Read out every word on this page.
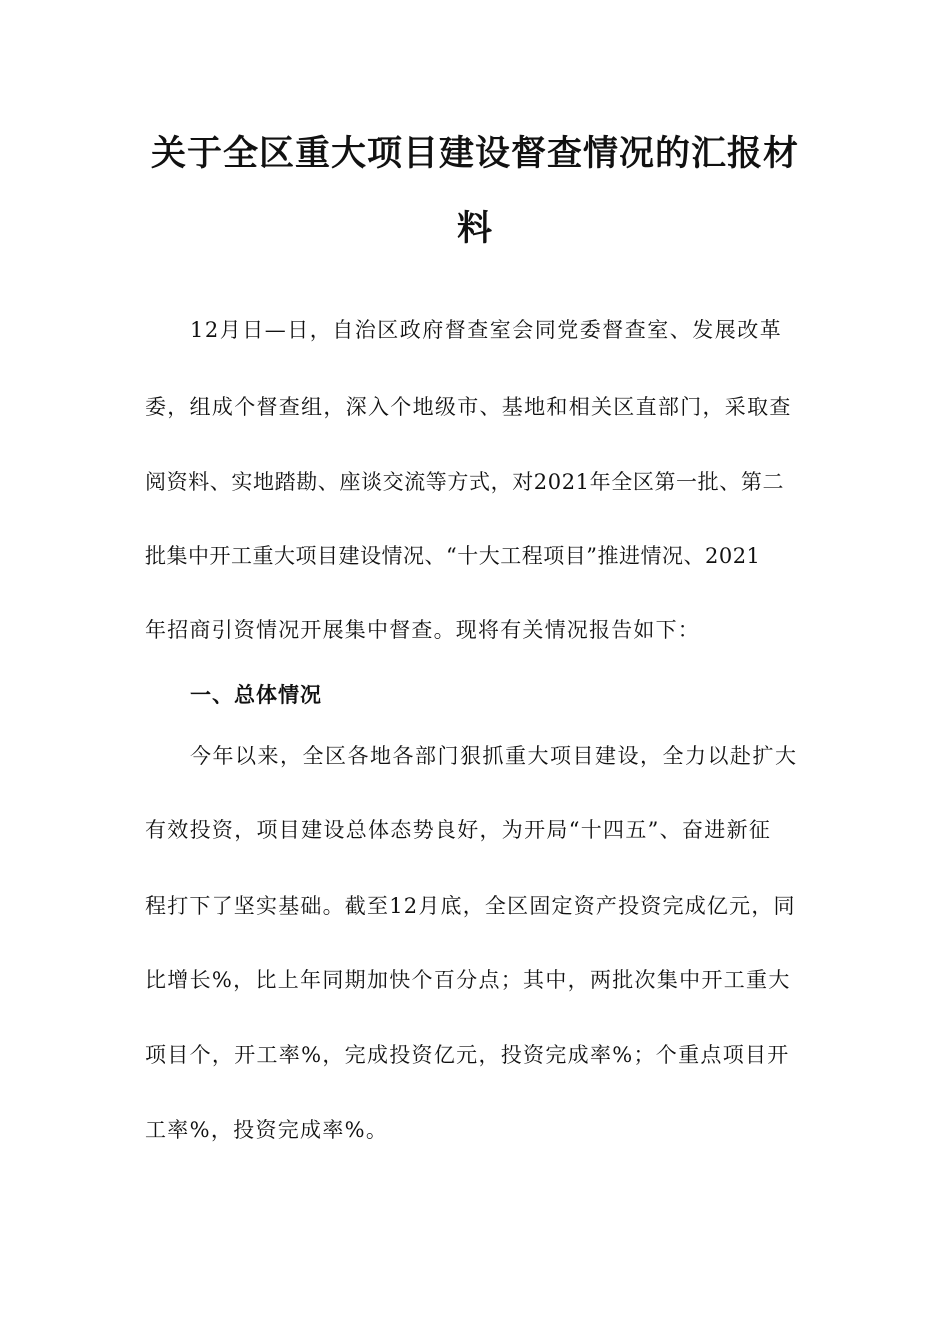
关于全区重大项目建设督查情况的汇报材
料
12月日—日，自治区政府督查室会同党委督查室、发展改革
委，组成个督查组，深入个地级市、基地和相关区直部门，采取查
阅资料、实地踏勘、座谈交流等方式，对2021年全区第一批、第二
批集中开工重大项目建设情况、“十大工程项目”推进情况、2021
年招商引资情况开展集中督查。现将有关情况报告如下：
一、总体情况
今年以来，全区各地各部门狠抓重大项目建设，全力以赴扩大
有效投资，项目建设总体态势良好，为开局“十四五”、奋进新征
程打下了坚实基础。截至12月底，全区固定资产投资完成亿元，同
比增长%，比上年同期加快个百分点；其中，两批次集中开工重大
项目个，开工率%，完成投资亿元，投资完成率%；个重点项目开
工率%，投资完成率%。
